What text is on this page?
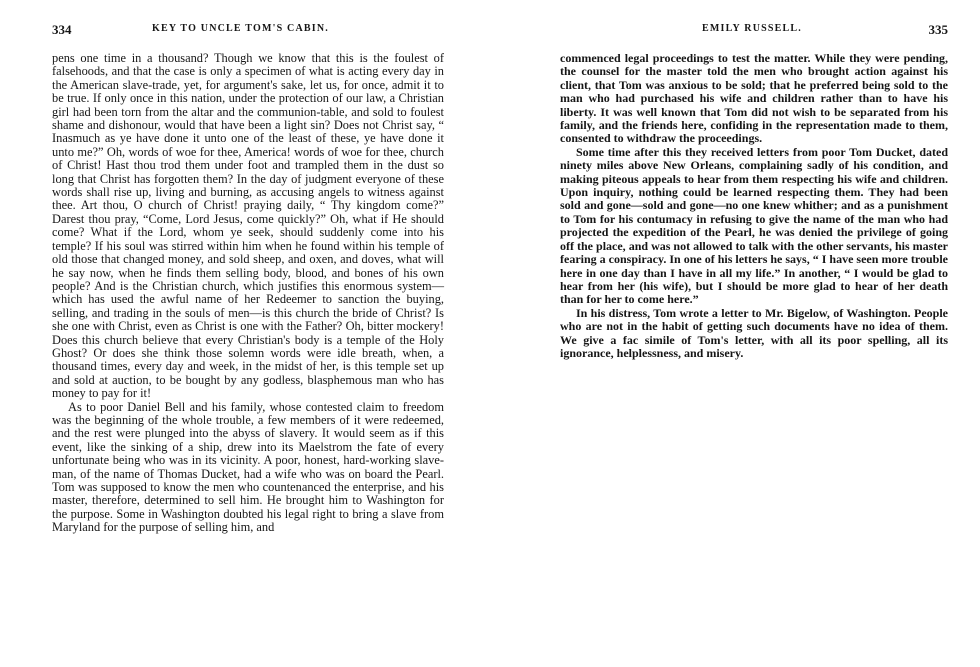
334	KEY TO UNCLE TOM'S CABIN.

pens one time in a thousand? Though we know that this is the foulest of falsehoods, and that the case is only a specimen of what is acting every day in the American slave-trade, yet, for argument's sake, let us, for once, admit it to be true. If only once in this nation, under the protection of our law, a Christian girl had been torn from the altar and the communion-table, and sold to foulest shame and dishonour, would that have been a light sin? Does not Christ say, “ Inasmuch as ye have done it unto one of the least of these, ye have done it unto me?” Oh, words of woe for thee, America! words of woe for thee, church of Christ! Hast thou trod them under foot and trampled them in the dust so long that Christ has forgotten them? In the day of judgment everyone of these words shall rise up, living and burning, as accusing angels to witness against thee. Art thou, O church of Christ! praying daily, “ Thy kingdom come?” Darest thou pray, “Come, Lord Jesus, come quickly?” Oh, what if He should come? What if the Lord, whom ye seek, should suddenly come into his temple? If his soul was stirred within him when he found within his temple of old those that changed money, and sold sheep, and oxen, and doves, what will he say now, when he finds them selling body, blood, and bones of his own people? And is the Christian church, which justifies this enormous system—which has used the awful name of her Redeemer to sanction the buying, selling, and trading in the souls of men—is this church the bride of Christ? Is she one with Christ, even as Christ is one with the Father? Oh, bitter mockery! Does this church believe that every Christian's body is a temple of the Holy Ghost? Or does she think those solemn words were idle breath, when, a thousand times, every day and week, in the midst of her, is this temple set up and sold at auction, to be bought by any godless, blasphemous man who has money to pay for it!

As to poor Daniel Bell and his family, whose contested claim to freedom was the beginning of the whole trouble, a few members of it were redeemed, and the rest were plunged into the abyss of slavery. It would seem as if this event, like the sinking of a ship, drew into its Maelstrom the fate of every unfortunate being who was in its vicinity. A poor, honest, hard-working slave-man, of the name of Thomas Ducket, had a wife who was on board the Pearl. Tom was supposed to know the men who countenanced the enterprise, and his master, therefore, determined to sell him. He brought him to Washington for the purpose. Some in Washington doubted his legal right to bring a slave from Maryland for the purpose of selling him, and

EMILY RUSSELL.	335

commenced legal proceedings to test the matter. While they were pending, the counsel for the master told the men who brought action against his client, that Tom was anxious to be sold; that he preferred being sold to the man who had purchased his wife and children rather than to have his liberty. It was well known that Tom did not wish to be separated from his family, and the friends here, confiding in the representation made to them, consented to withdraw the proceedings.

Some time after this they received letters from poor Tom Ducket, dated ninety miles above New Orleans, complaining sadly of his condition, and making piteous appeals to hear from them respecting his wife and children. Upon inquiry, nothing could be learned respecting them. They had been sold and gone—sold and gone—no one knew whither; and as a punishment to Tom for his contumacy in refusing to give the name of the man who had projected the expedition of the Pearl, he was denied the privilege of going off the place, and was not allowed to talk with the other servants, his master fearing a conspiracy. In one of his letters he says, “ I have seen more trouble here in one day than I have in all my life.” In another, “ I would be glad to hear from her (his wife), but I should be more glad to hear of her death than for her to come here.”

In his distress, Tom wrote a letter to Mr. Bigelow, of Washington. People who are not in the habit of getting such documents have no idea of them. We give a fac simile of Tom's letter, with all its poor spelling, all its ignorance, helplessness, and misery.
